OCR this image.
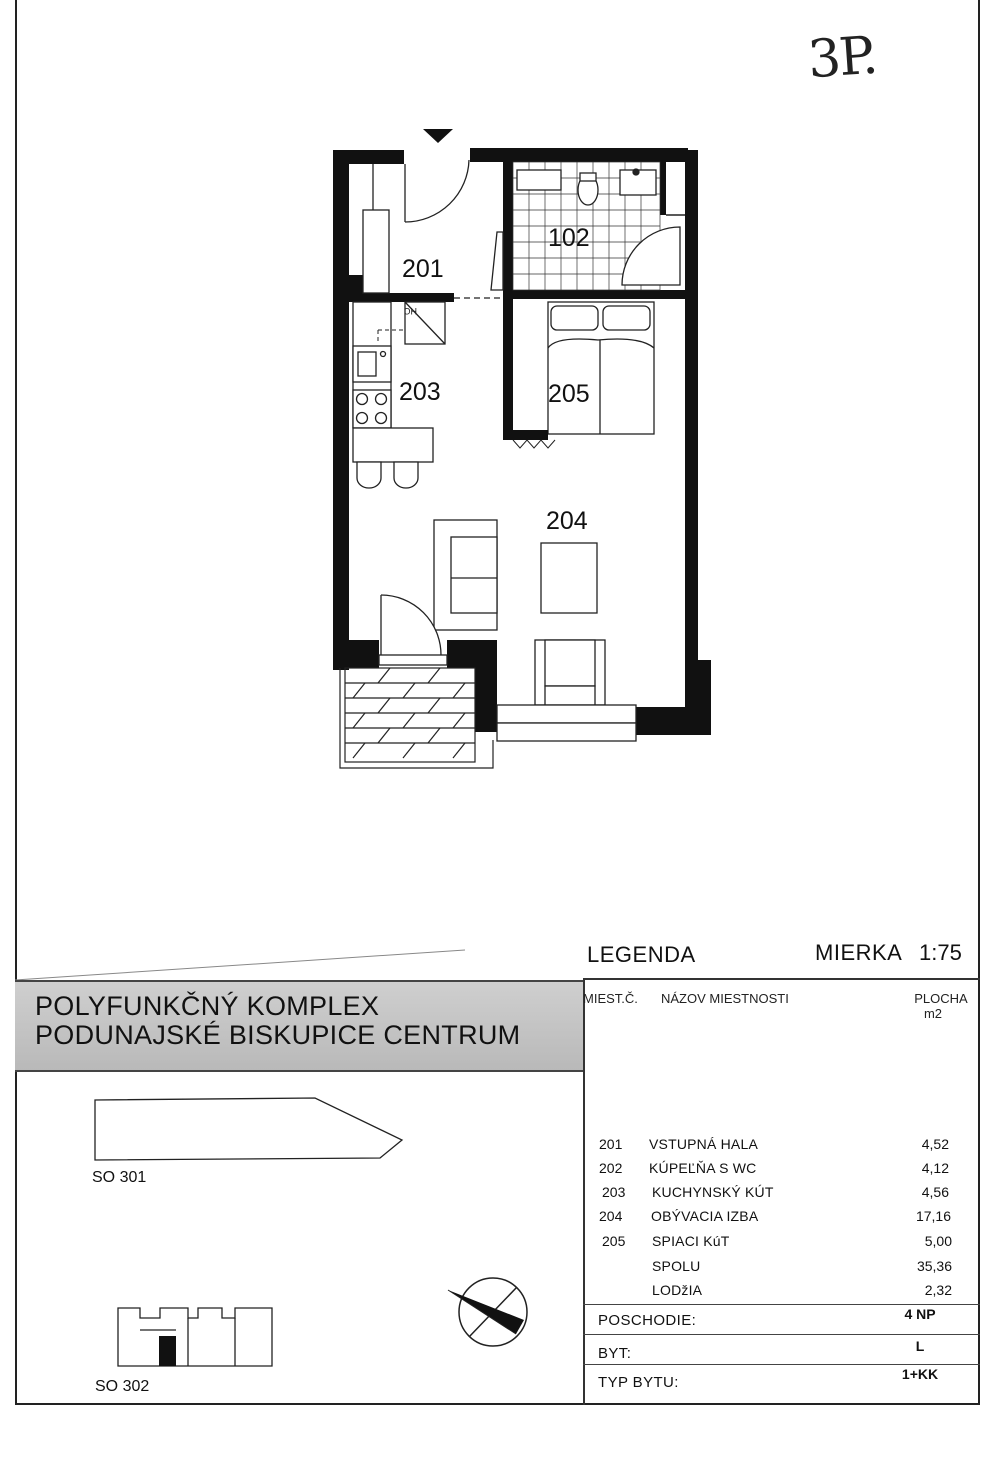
3P.
HC
201
102
203	205
204
LEGENDA	MIERKA 1:75
POLYFUNKČNÝ KOMPLEX
PODUNAJSKÉ BISKUPICE CENTRUM
MIEST.Č. NÁZOV MIESTNOSTI	PLOCHA
m2
201	VSTUPNÁ HALA	4,52
202	KÚPEĽŇA S WC	4,12
203	KUCHYNSKÝ KÚT	4,56
204	OBÝVACIA IZBA	17,16
205	SPIACI KúT	5,00
SPOLU	35,36
LODžIA	2,32
POSCHODIE:	4 NP
BYT:	L
TYP BYTU:	1+KK
SO 301
SO 302
